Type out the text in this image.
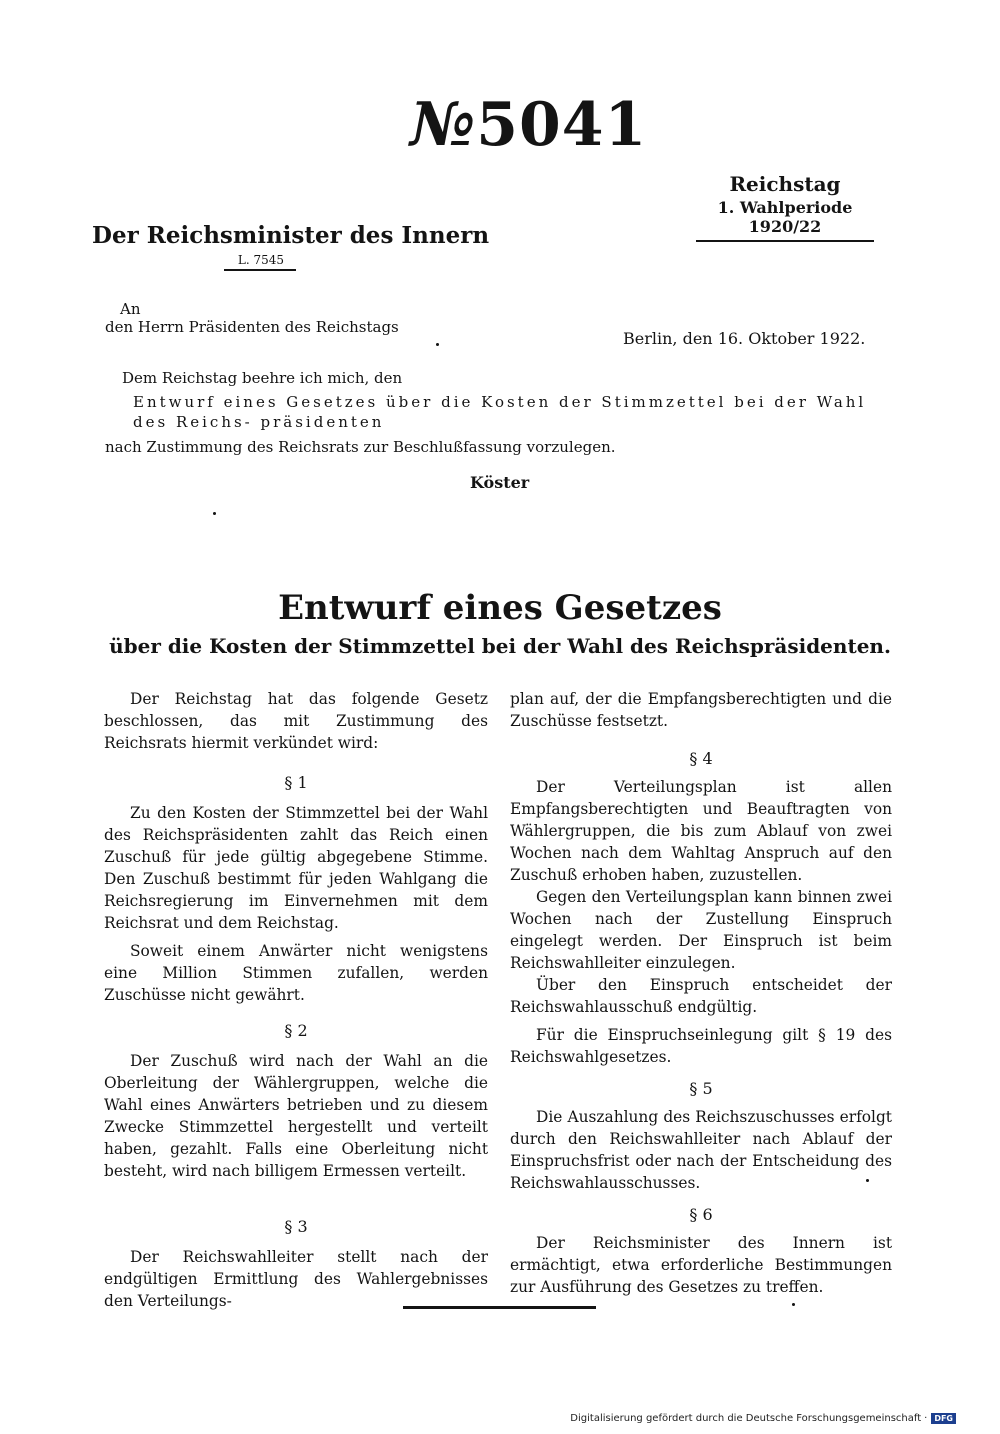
№5041
Reichstag
1. Wahlperiode 1920/22
Der Reichsminister des Innern
L. 7545
An
den Herrn Präsidenten des Reichstags
Berlin, den 16. Oktober 1922.
Dem Reichstag beehre ich mich, den
Entwurf eines Gesetzes über die Kosten der Stimmzettel bei der Wahl des Reichs- präsidenten
nach Zustimmung des Reichsrats zur Beschlußfassung vorzulegen.
Köster
Entwurf eines Gesetzes
über die Kosten der Stimmzettel bei der Wahl des Reichspräsidenten.

Der Reichstag hat das folgende Gesetz beschlossen, das mit Zustimmung des Reichsrats hiermit verkündet wird:

§ 1

Zu den Kosten der Stimmzettel bei der Wahl des Reichspräsidenten zahlt das Reich einen Zuschuß für jede gültig abgegebene Stimme. Den Zuschuß bestimmt für jeden Wahlgang die Reichsregierung im Einvernehmen mit dem Reichsrat und dem Reichstag.

Soweit einem Anwärter nicht wenigstens eine Million Stimmen zufallen, werden Zuschüsse nicht gewährt.

§ 2

Der Zuschuß wird nach der Wahl an die Oberleitung der Wählergruppen, welche die Wahl eines Anwärters betrieben und zu diesem Zwecke Stimmzettel hergestellt und verteilt haben, gezahlt. Falls eine Oberleitung nicht besteht, wird nach billigem Ermessen verteilt.

§ 3

Der Reichswahlleiter stellt nach der endgültigen Ermittlung des Wahlergebnisses den Verteilungs-

plan auf, der die Empfangsberechtigten und die Zuschüsse festsetzt.

§ 4

Der Verteilungsplan ist allen Empfangsberechtigten und Beauftragten von Wählergruppen, die bis zum Ablauf von zwei Wochen nach dem Wahltag Anspruch auf den Zuschuß erhoben haben, zuzustellen.

Gegen den Verteilungsplan kann binnen zwei Wochen nach der Zustellung Einspruch eingelegt werden. Der Einspruch ist beim Reichswahlleiter einzulegen.

Über den Einspruch entscheidet der Reichswahlausschuß endgültig.

Für die Einspruchseinlegung gilt § 19 des Reichswahlgesetzes.

§ 5

Die Auszahlung des Reichszuschusses erfolgt durch den Reichswahlleiter nach Ablauf der Einspruchsfrist oder nach der Entscheidung des Reichswahlausschusses.

§ 6

Der Reichsminister des Innern ist ermächtigt, etwa erforderliche Bestimmungen zur Ausführung des Gesetzes zu treffen.

Digitalisierung gefördert durch die Deutsche Forschungsgemeinschaft · DFG
